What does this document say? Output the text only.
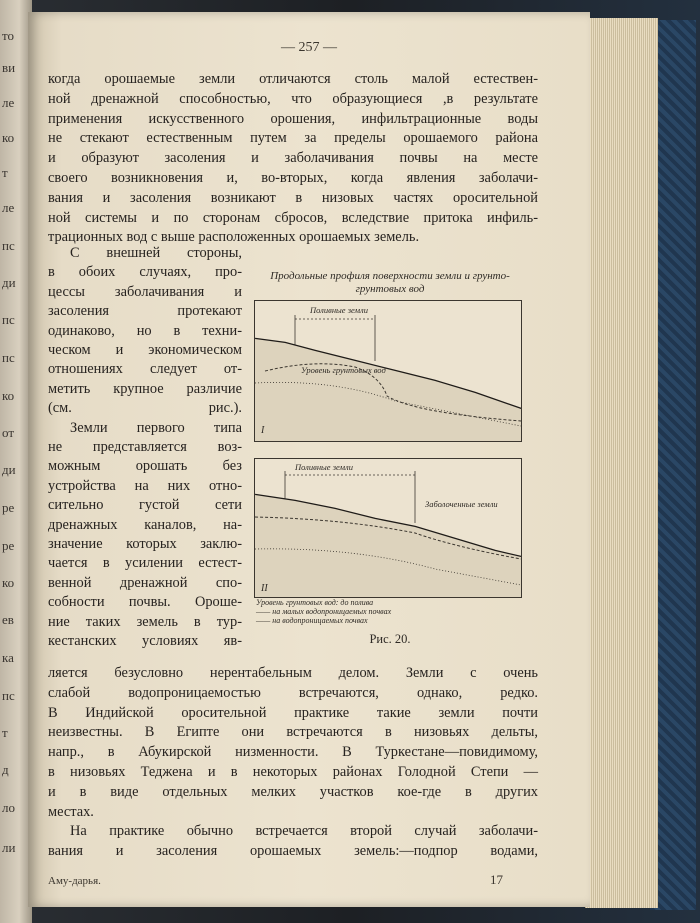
то
ви
ле
ко
т
ле
пс
ди
пс
пс
ко
от
ди
ре
ре
ко
ев
ка
пс
т
д
ло
ли
— 257 —
когда орошаемые земли отличаются столь малой естествен-
ной дренажной способностью, что образующиеся ,в результате
применения искусственного орошения, инфильтрационные воды
не стекают естественным путем за пределы орошаемого района
и образуют засоления и заболачивания почвы на месте
своего возникновения и, во-вторых, когда явления заболачи-
вания и засоления возникают в низовых частях оросительной
ной системы и по сторонам сбросов, вследствие притока инфиль-
трационных вод с выше расположенных орошаемых земель.
С внешней стороны,
в обоих случаях, про-
цессы заболачивания и
засоления протекают
одинаково, но в техни-
ческом и экономическом
отношениях следует от-
метить крупное различие
(см. рис.).
Земли первого типа
не представляется воз-
можным орошать без
устройства на них отно-
сительно густой сети
дренажных каналов, на-
значение которых заклю-
чается в усилении естест-
венной дренажной спо-
собности почвы. Ороше-
ние таких земель в тур-
кестанских условиях яв-
ляется безусловно нерентабельным делом. Земли с очень
слабой водопроницаемостью встречаются, однако, редко.
В Индийской оросительной практике такие земли почти
неизвестны. В Египте они встречаются в низовьях дельты,
напр., в Абукирской низменности. В Туркестане—повидимому,
в низовьях Теджена и в некоторых районах Голодной Степи —
и в виде отдельных мелких участков кое-где в других
местах.
На практике обычно встречается второй случай заболачи-
вания и засоления орошаемых земель:—подпор водами,
Продольные профиля поверхности земли и грунто-грунтовых вод
Поливные земли
Уровень грунтовых вод
I
Поливные земли
Заболоченные земли
II
Уровень грунтовых вод: до полива
—— на малых водопроницаемых почвах
—— на водопроницаемых почвах
Рис. 20.
Аму-дарья.	17
